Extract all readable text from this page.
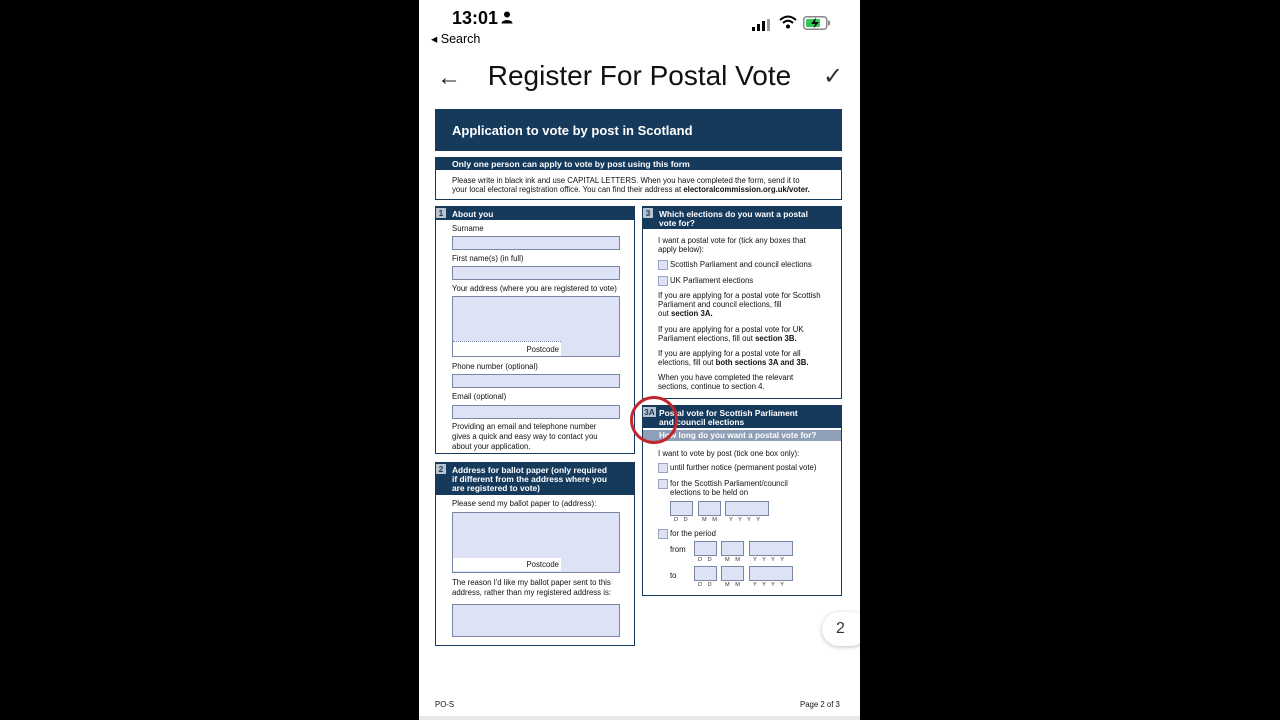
13:01
◂ Search
← Register For Postal Vote	✓
Application to vote by post in Scotland
Only one person can apply to vote by post using this form
Please write in black ink and use CAPITAL LETTERS. When you have completed the form, send it to
your local electoral registration office. You can find their address at electoralcommission.org.uk/voter.
1	About you
Surname
First name(s) (in full)
Your address (where you are registered to vote)
Postcode
Phone number (optional)
Email (optional)
Providing an email and telephone number
gives a quick and easy way to contact you
about your application.
2	Address for ballot paper (only required
if different from the address where you
are registered to vote)
Please send my ballot paper to (address):
Postcode
The reason I'd like my ballot paper sent to this
address, rather than my registered address is:
3	Which elections do you want a postal
vote for?
I want a postal vote for (tick any boxes that
apply below):
Scottish Parliament and council elections
UK Parliament elections
If you are applying for a postal vote for Scottish
Parliament and council elections, fill
out section 3A.
If you are applying for a postal vote for UK
Parliament elections, fill out section 3B.
If you are applying for a postal vote for all
elections, fill out both sections 3A and 3B.
When you have completed the relevant
sections, continue to section 4.
3A Postal vote for Scottish Parliament
and council elections
How long do you want a postal vote for?
I want to vote by post (tick one box only):
until further notice (permanent postal vote)
for the Scottish Parliament/council
elections to be held on
D D M M Y Y Y Y
for the period
from
D D M M Y Y Y Y
to
D D M M Y Y Y Y
PO-S	Page 2 of 3
2
